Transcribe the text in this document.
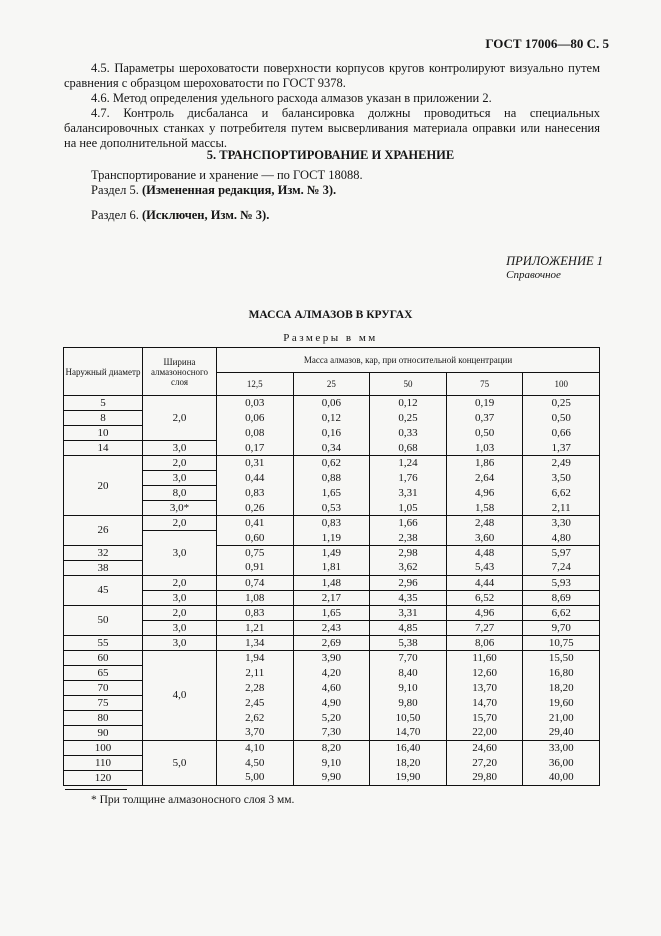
ГОСТ 17006—80 С. 5
4.5. Параметры шероховатости поверхности корпусов кругов контролируют визуально путем сравнения с образцом шероховатости по ГОСТ 9378.
4.6. Метод определения удельного расхода алмазов указан в приложении 2.
4.7. Контроль дисбаланса и балансировка должны проводиться на специальных балансировочных станках у потребителя путем высверливания материала оправки или нанесения на нее дополнительной массы.
5. ТРАНСПОРТИРОВАНИЕ И ХРАНЕНИЕ
Транспортирование и хранение — по ГОСТ 18088.
Раздел 5. (Измененная редакция, Изм. № 3).
Раздел 6. (Исключен, Изм. № 3).
ПРИЛОЖЕНИЕ 1
Справочное
МАССА АЛМАЗОВ В КРУГАХ
Размеры в мм
Наружный диаметр	Ширина алмазоносного слоя	Масса алмазов, кар, при относительной концентрации				
		12,5	25	50	75	100
5	2,0	0,03	0,06	0,12	0,19	0,25
8		0,06	0,12	0,25	0,37	0,50
10		0,08	0,16	0,33	0,50	0,66
14	3,0	0,17	0,34	0,68	1,03	1,37
20	2,0	0,31	0,62	1,24	1,86	2,49
	3,0	0,44	0,88	1,76	2,64	3,50
	8,0	0,83	1,65	3,31	4,96	6,62
	3,0*	0,26	0,53	1,05	1,58	2,11
26	2,0	0,41	0,83	1,66	2,48	3,30
	3,0	0,60	1,19	2,38	3,60	4,80
32		0,75	1,49	2,98	4,48	5,97
38		0,91	1,81	3,62	5,43	7,24
45	2,0	0,74	1,48	2,96	4,44	5,93
	3,0	1,08	2,17	4,35	6,52	8,69
50	2,0	0,83	1,65	3,31	4,96	6,62
	3,0	1,21	2,43	4,85	7,27	9,70
55	3,0	1,34	2,69	5,38	8,06	10,75
60	4,0	1,94	3,90	7,70	11,60	15,50
65		2,11	4,20	8,40	12,60	16,80
70		2,28	4,60	9,10	13,70	18,20
75		2,45	4,90	9,80	14,70	19,60
80		2,62	5,20	10,50	15,70	21,00
90		3,70	7,30	14,70	22,00	29,40
100	5,0	4,10	8,20	16,40	24,60	33,00
110		4,50	9,10	18,20	27,20	36,00
120		5,00	9,90	19,90	29,80	40,00
* При толщине алмазоносного слоя 3 мм.
